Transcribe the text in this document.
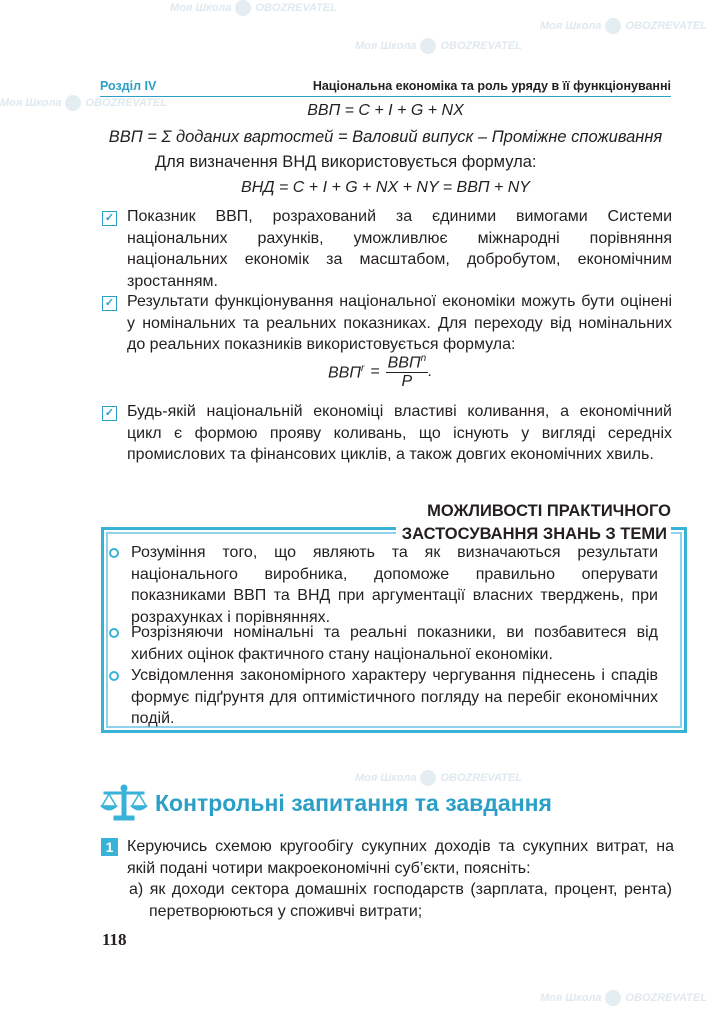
Моя Школа OBOZREVATEL
Моя Школа OBOZREVATEL
Моя Школа OBOZREVATEL
Моя Школа OBOZREVATEL
Моя Школа OBOZREVATEL
Моя Школа OBOZREVATEL
Розділ IV	Національна економіка та роль уряду в її функціонуванні
ВВП = C + I + G + NX
ВВП = Σ доданих вартостей = Валовий випуск – Проміжне споживання
Для визначення ВНД використовується формула:
ВНД = C + I + G + NX + NY = ВВП + NY
✓ Показник ВВП, розрахований за єдиними вимогами Системи національних рахунків, уможливлює міжнародні порівняння національних економік за масштабом, добробутом, економічним зростанням.
✓ Результати функціонування національної економіки можуть бути оцінені у номінальних та реальних показниках. Для переходу від номінальних до реальних показників використовується формула:
$ВВП^r$ =
$ВВП^n$
P
.
✓ Будь-якій національній економіці властиві коливання, а економічний цикл є формою прояву коливань, що існують у вигляді середніх промислових та фінансових циклів, а також довгих економічних хвиль.
МОЖЛИВОСТІ ПРАКТИЧНОГО
ЗАСТОСУВАННЯ ЗНАНЬ З ТЕМИ
Розуміння того, що являють та як визначаються результати національного виробника, допоможе правильно оперувати показниками ВВП та ВНД при аргументації власних тверджень, при розрахунках і порівняннях.
Розрізняючи номінальні та реальні показники, ви позбавитеся від хибних оцінок фактичного стану національної економіки.
Усвідомлення закономірного характеру чергування піднесень і спадів формує підґрунтя для оптимістичного погляду на перебіг економічних подій.
Контрольні запитання та завдання
1 Керуючись схемою кругообігу сукупних доходів та сукупних витрат, на якій подані чотири макроекономічні суб’єкти, поясніть:
а) як доходи сектора домашніх господарств (зарплата, процент, рента) перетворюються у споживчі витрати;
118
